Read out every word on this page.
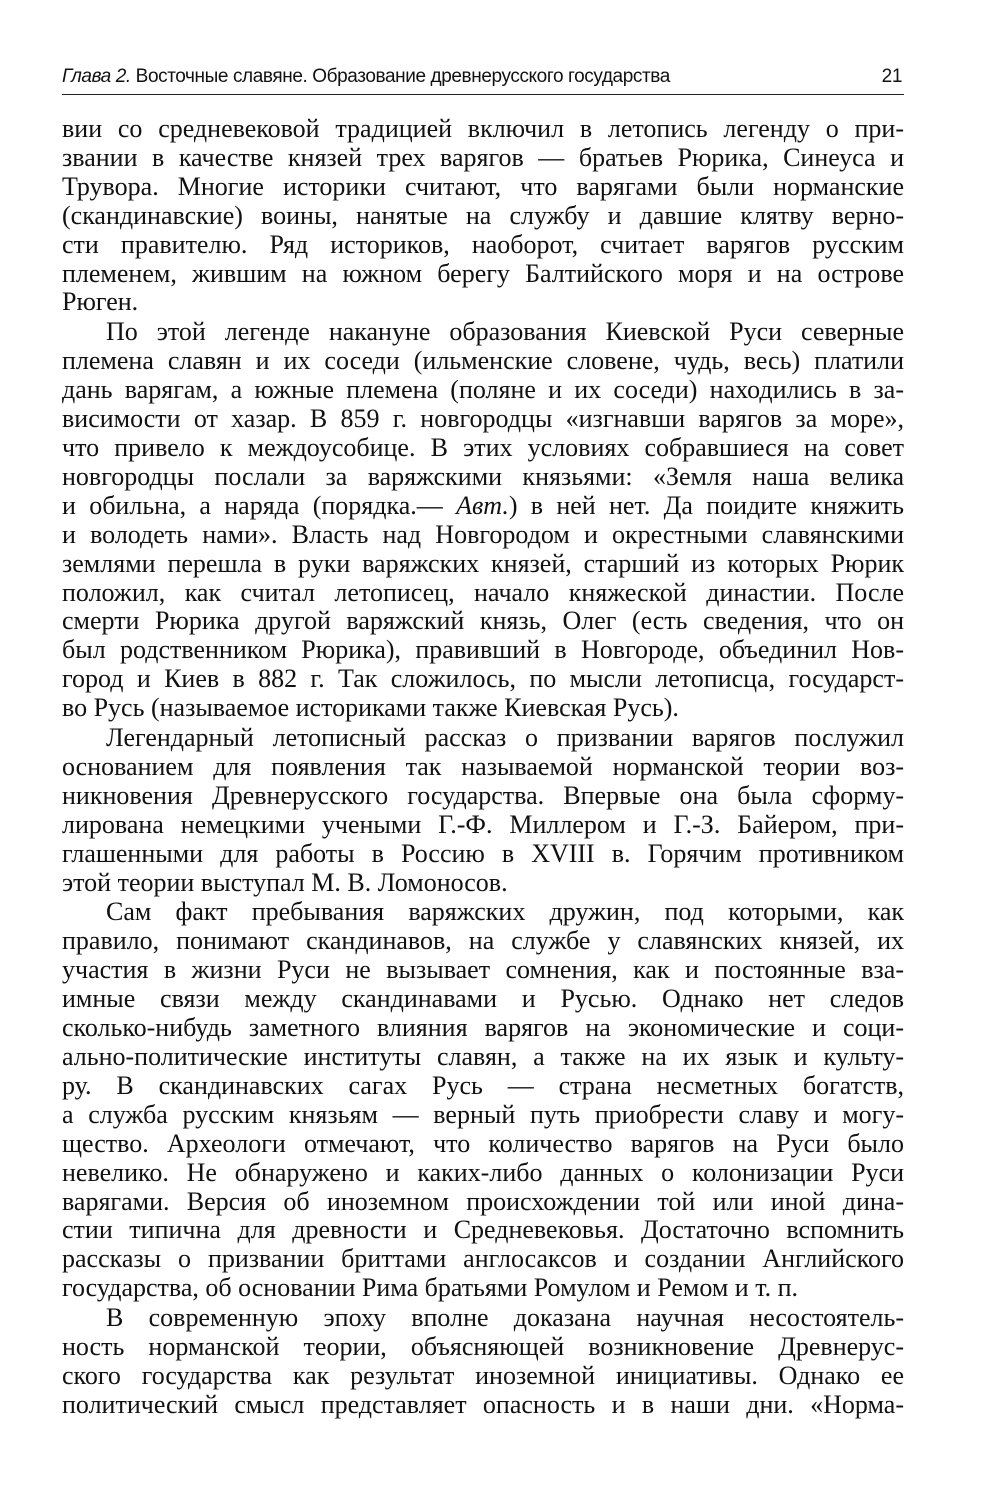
Глава 2. Восточные славяне. Образование древнерусского государства	21

вии со средневековой традицией включил в летопись легенду о при-

звании в качестве князей трех варягов — братьев Рюрика, Синеуса и

Трувора. Многие историки считают, что варягами были норманские

(скандинавские) воины, нанятые на службу и давшие клятву верно-

сти правителю. Ряд историков, наоборот, считает варягов русским

племенем, жившим на южном берегу Балтийского моря и на острове

Рюген.

По этой легенде накануне образования Киевской Руси северные

племена славян и их соседи (ильменские словене, чудь, весь) платили

дань варягам, а южные племена (поляне и их соседи) находились в за-

висимости от хазар. В 859 г. новгородцы «изгнавши варягов за море»,

что привело к междоусобице. В этих условиях собравшиеся на совет

новгородцы послали за варяжскими князьями: «Земля наша велика

и обильна, а наряда (порядка.— Авт.) в ней нет. Да поидите княжить

и володеть нами». Власть над Новгородом и окрестными славянскими

землями перешла в руки варяжских князей, старший из которых Рюрик

положил, как считал летописец, начало княжеской династии. После

смерти Рюрика другой варяжский князь, Олег (есть сведения, что он

был родственником Рюрика), правивший в Новгороде, объединил Нов-

город и Киев в 882 г. Так сложилось, по мысли летописца, государст-

во Русь (называемое историками также Киевская Русь).

Легендарный летописный рассказ о призвании варягов послужил

основанием для появления так называемой норманской теории воз-

никновения Древнерусского государства. Впервые она была сформу-

лирована немецкими учеными Г.-Ф. Миллером и Г.-З. Байером, при-

глашенными для работы в Россию в XVIII в. Горячим противником

этой теории выступал М. В. Ломоносов.

Сам факт пребывания варяжских дружин, под которыми, как

правило, понимают скандинавов, на службе у славянских князей, их

участия в жизни Руси не вызывает сомнения, как и постоянные вза-

имные связи между скандинавами и Русью. Однако нет следов

сколько-нибудь заметного влияния варягов на экономические и соци-

ально-политические институты славян, а также на их язык и культу-

ру. В скандинавских сагах Русь — страна несметных богатств,

а служба русским князьям — верный путь приобрести славу и могу-

щество. Археологи отмечают, что количество варягов на Руси было

невелико. Не обнаружено и каких-либо данных о колонизации Руси

варягами. Версия об иноземном происхождении той или иной дина-

стии типична для древности и Средневековья. Достаточно вспомнить

рассказы о призвании бриттами англосаксов и создании Английского

государства, об основании Рима братьями Ромулом и Ремом и т. п.

В современную эпоху вполне доказана научная несостоятель-

ность норманской теории, объясняющей возникновение Древнерус-

ского государства как результат иноземной инициативы. Однако ее

политический смысл представляет опасность и в наши дни. «Норма-
